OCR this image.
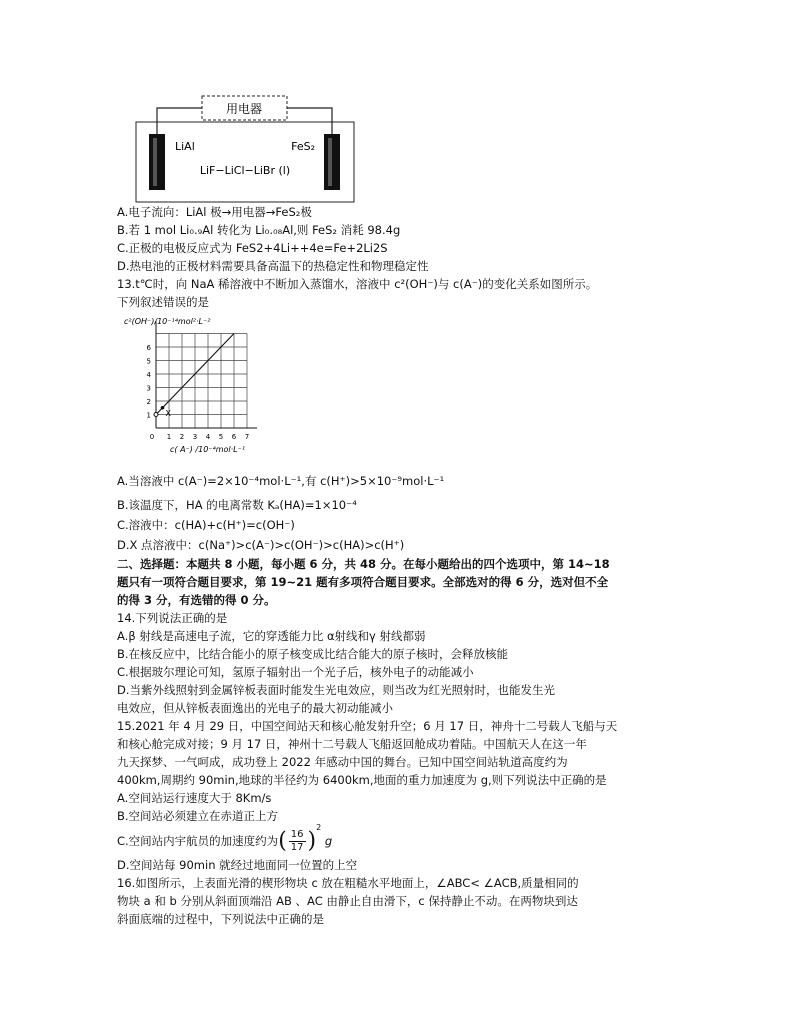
用电器
LiAl	FeS₂
LiF−LiCl−LiBr (l)
A.电子流向：LiAl 极→用电器→FeS₂极
B.若 1 mol Li₀.₉Al 转化为 Li₀.₀₈Al,则 FeS₂ 消耗 98.4g
C.正极的电极反应式为 FeS2+4Li++4e=Fe+2Li2S
D.热电池的正极材料需要具备高温下的热稳定性和物理稳定性
13.t℃时，向 NaA 稀溶液中不断加入蒸馏水，溶液中 c²(OH⁻)与 c(A⁻)的变化关系如图所示。
下列叙述错误的是
0 1 2 3 4 5 6 7
1
2
3
4
5
6
X
c²(OH⁻)/10⁻¹⁴mol²·L⁻²
c( A⁻) /10⁻⁴mol·L⁻¹
A.当溶液中 c(A⁻)=2×10⁻⁴mol·L⁻¹,有 c(H⁺)>5×10⁻⁹mol·L⁻¹
B.该温度下，HA 的电离常数 Kₐ(HA)=1×10⁻⁴
C.溶液中：c(HA)+c(H⁺)=c(OH⁻)
D.X 点溶液中：c(Na⁺)>c(A⁻)>c(OH⁻)>c(HA)>c(H⁺)
二、选择题：本题共 8 小题，每小题 6 分，共 48 分。在每小题给出的四个选项中，第 14~18
题只有一项符合题目要求，第 19~21 题有多项符合题目要求。全部选对的得 6 分，选对但不全
的得 3 分，有选错的得 0 分。
14.下列说法正确的是
A.β 射线是高速电子流，它的穿透能力比 α射线和γ 射线都弱
B.在核反应中，比结合能小的原子核变成比结合能大的原子核时，会释放核能
C.根据玻尔理论可知，氢原子辐射出一个光子后，核外电子的动能减小
D.当紫外线照射到金属锌板表面时能发生光电效应，则当改为红光照射时，也能发生光
电效应，但从锌板表面逸出的光电子的最大初动能减小
15.2021 年 4 月 29 日，中国空间站天和核心舱发射升空；6 月 17 日，神舟十二号载人飞船与天
和核心舱完成对接；9 月 17 日，神州十二号载人飞船返回舱成功着陆。中国航天人在这一年
九天探梦、一气呵成，成功登上 2022 年感动中国的舞台。已知中国空间站轨道高度约为
400km,周期约 90min,地球的半径约为 6400km,地面的重力加速度为 g,则下列说法中正确的是
A.空间站运行速度大于 8Km/s
B.空间站必须建立在赤道正上方
C.空间站内宇航员的加速度约为( $\frac{16}{17} )^2$ g
D.空间站每 90min 就经过地面同一位置的上空
16.如图所示，上表面光滑的楔形物块 c 放在粗糙水平地面上，∠ABC< ∠ACB,质量相同的
物块 a 和 b 分别从斜面顶端沿 AB 、AC 由静止自由滑下，c 保持静止不动。在两物块到达
斜面底端的过程中，下列说法中正确的是
